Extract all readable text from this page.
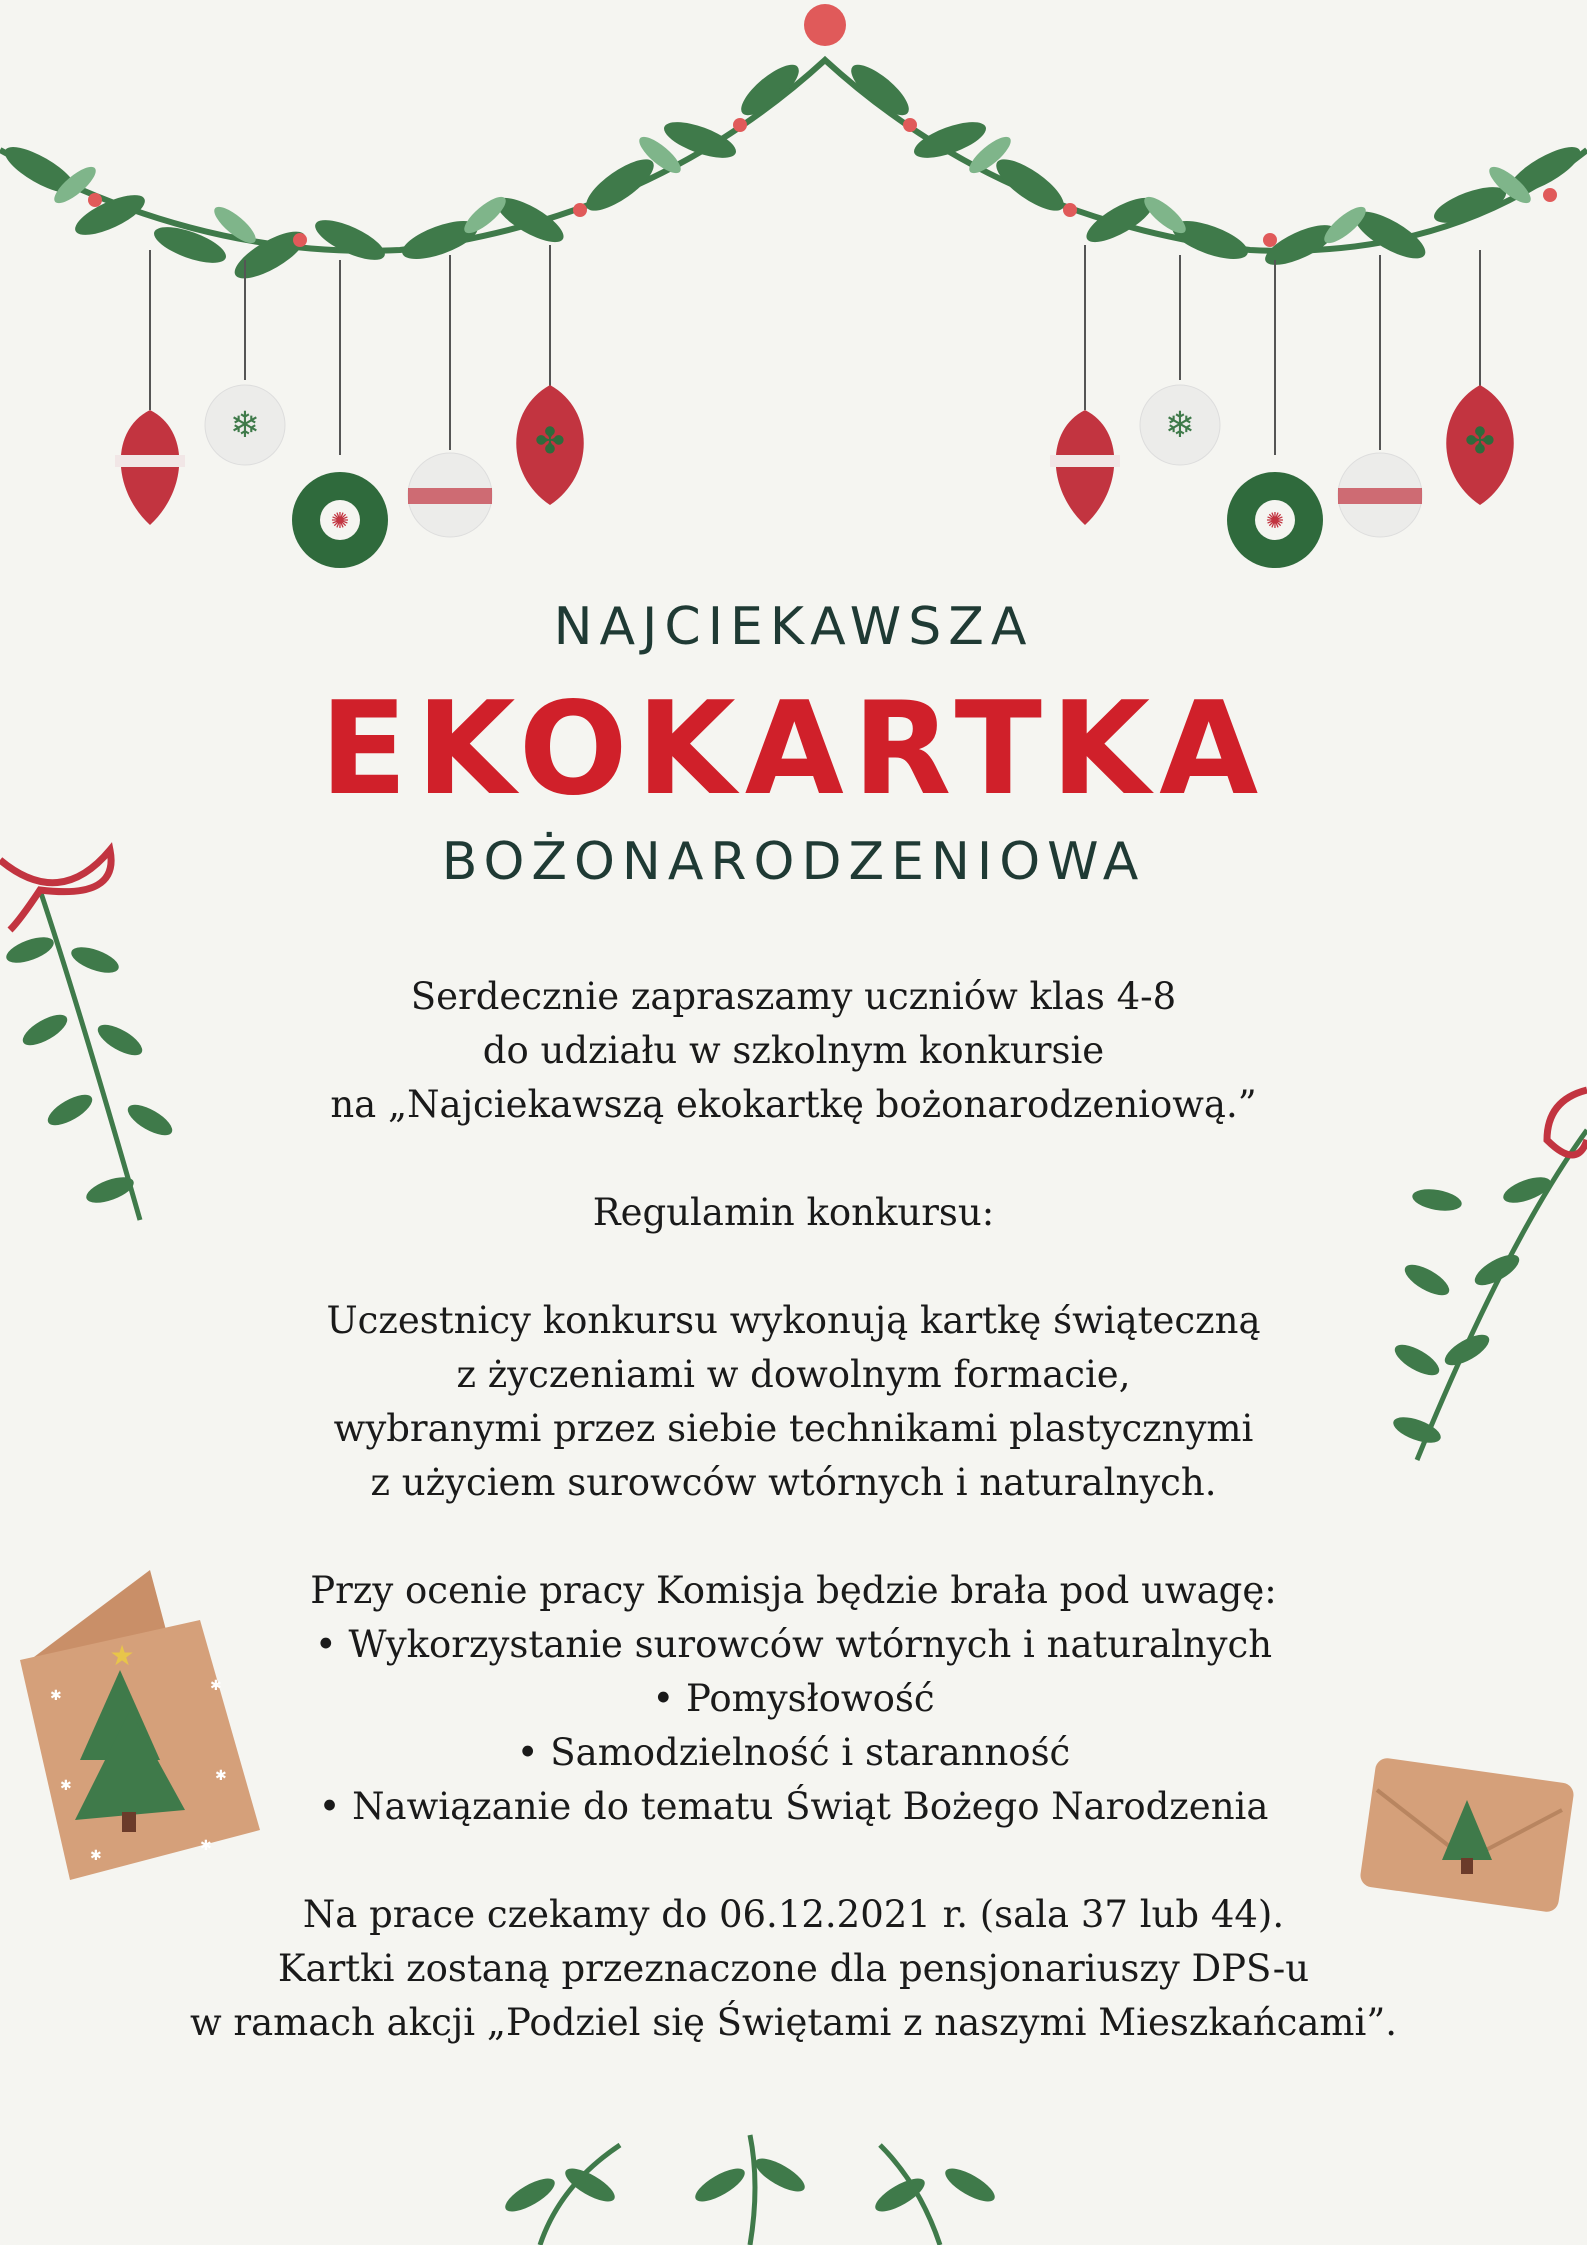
❄
✺
✤	❄
✺
✤
★
✱
✱
✱
✱
✱
✱
NAJCIEKAWSZA
EKOKARTKA
BOŻONARODZENIOWA
Serdecznie zapraszamy uczniów klas 4-8
do udziału w szkolnym konkursie
na „Najciekawszą ekokartkę bożonarodzeniową.”
Regulamin konkursu:
Uczestnicy konkursu wykonują kartkę świąteczną
z życzeniami w dowolnym formacie,
wybranymi przez siebie technikami plastycznymi
z użyciem surowców wtórnych i naturalnych.
Przy ocenie pracy Komisja będzie brała pod uwagę:
• Wykorzystanie surowców wtórnych i naturalnych
• Pomysłowość
• Samodzielność i staranność
• Nawiązanie do tematu Świąt Bożego Narodzenia
Na prace czekamy do 06.12.2021 r. (sala 37 lub 44).
Kartki zostaną przeznaczone dla pensjonariuszy DPS-u
w ramach akcji „Podziel się Świętami z naszymi Mieszkańcami”.
